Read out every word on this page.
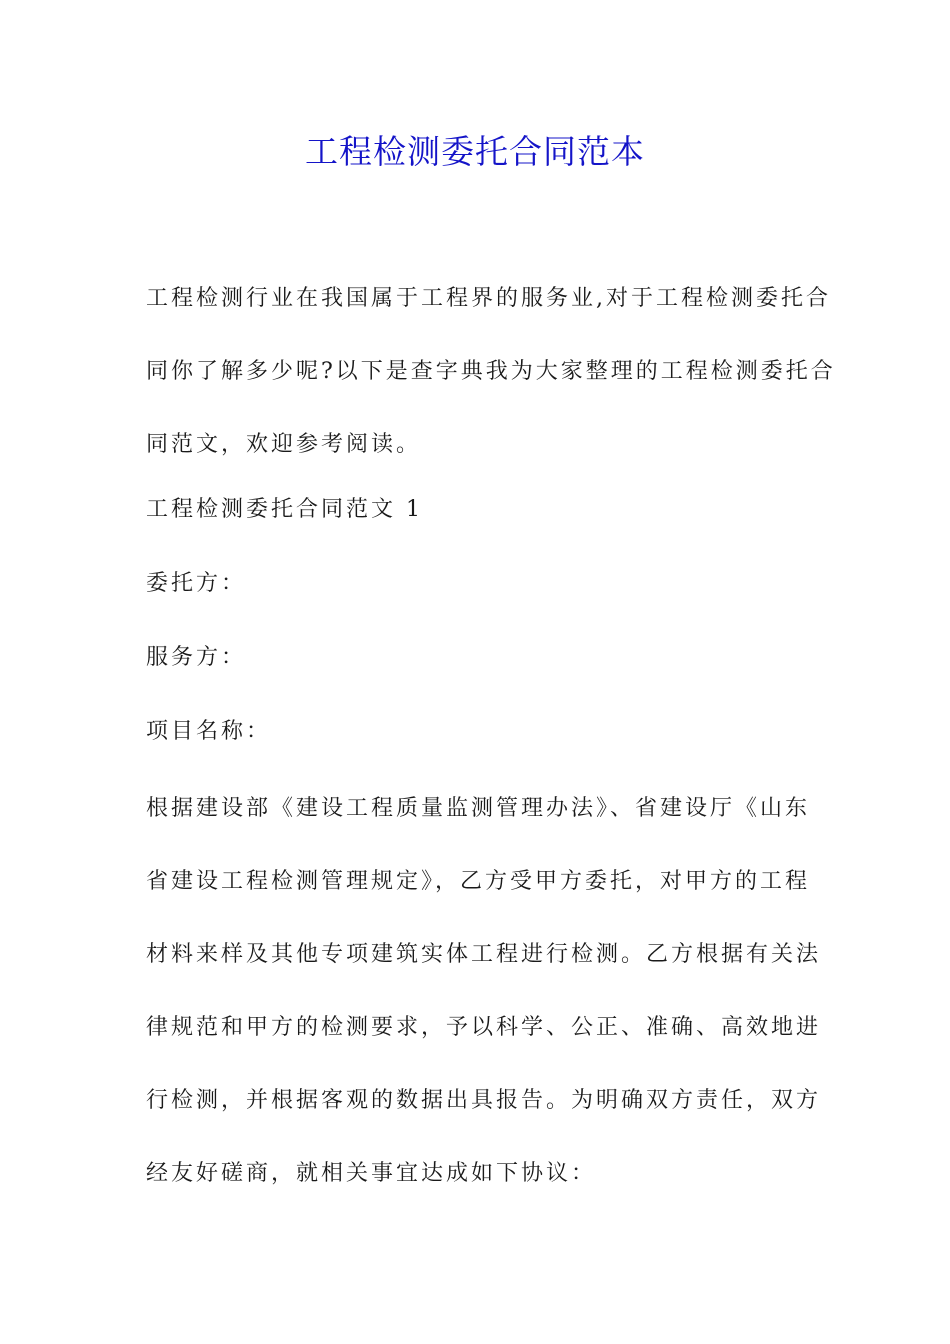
工程检测委托合同范本
工程检测行业在我国属于工程界的服务业,对于工程检测委托合
同你了解多少呢?以下是查字典我为大家整理的工程检测委托合
同范文，欢迎参考阅读。
工程检测委托合同范文 1
委托方：
服务方：
项目名称：
根据建设部《建设工程质量监测管理办法》、省建设厅《山东
省建设工程检测管理规定》，乙方受甲方委托，对甲方的工程
材料来样及其他专项建筑实体工程进行检测。乙方根据有关法
律规范和甲方的检测要求，予以科学、公正、准确、高效地进
行检测，并根据客观的数据出具报告。为明确双方责任，双方
经友好磋商，就相关事宜达成如下协议：
